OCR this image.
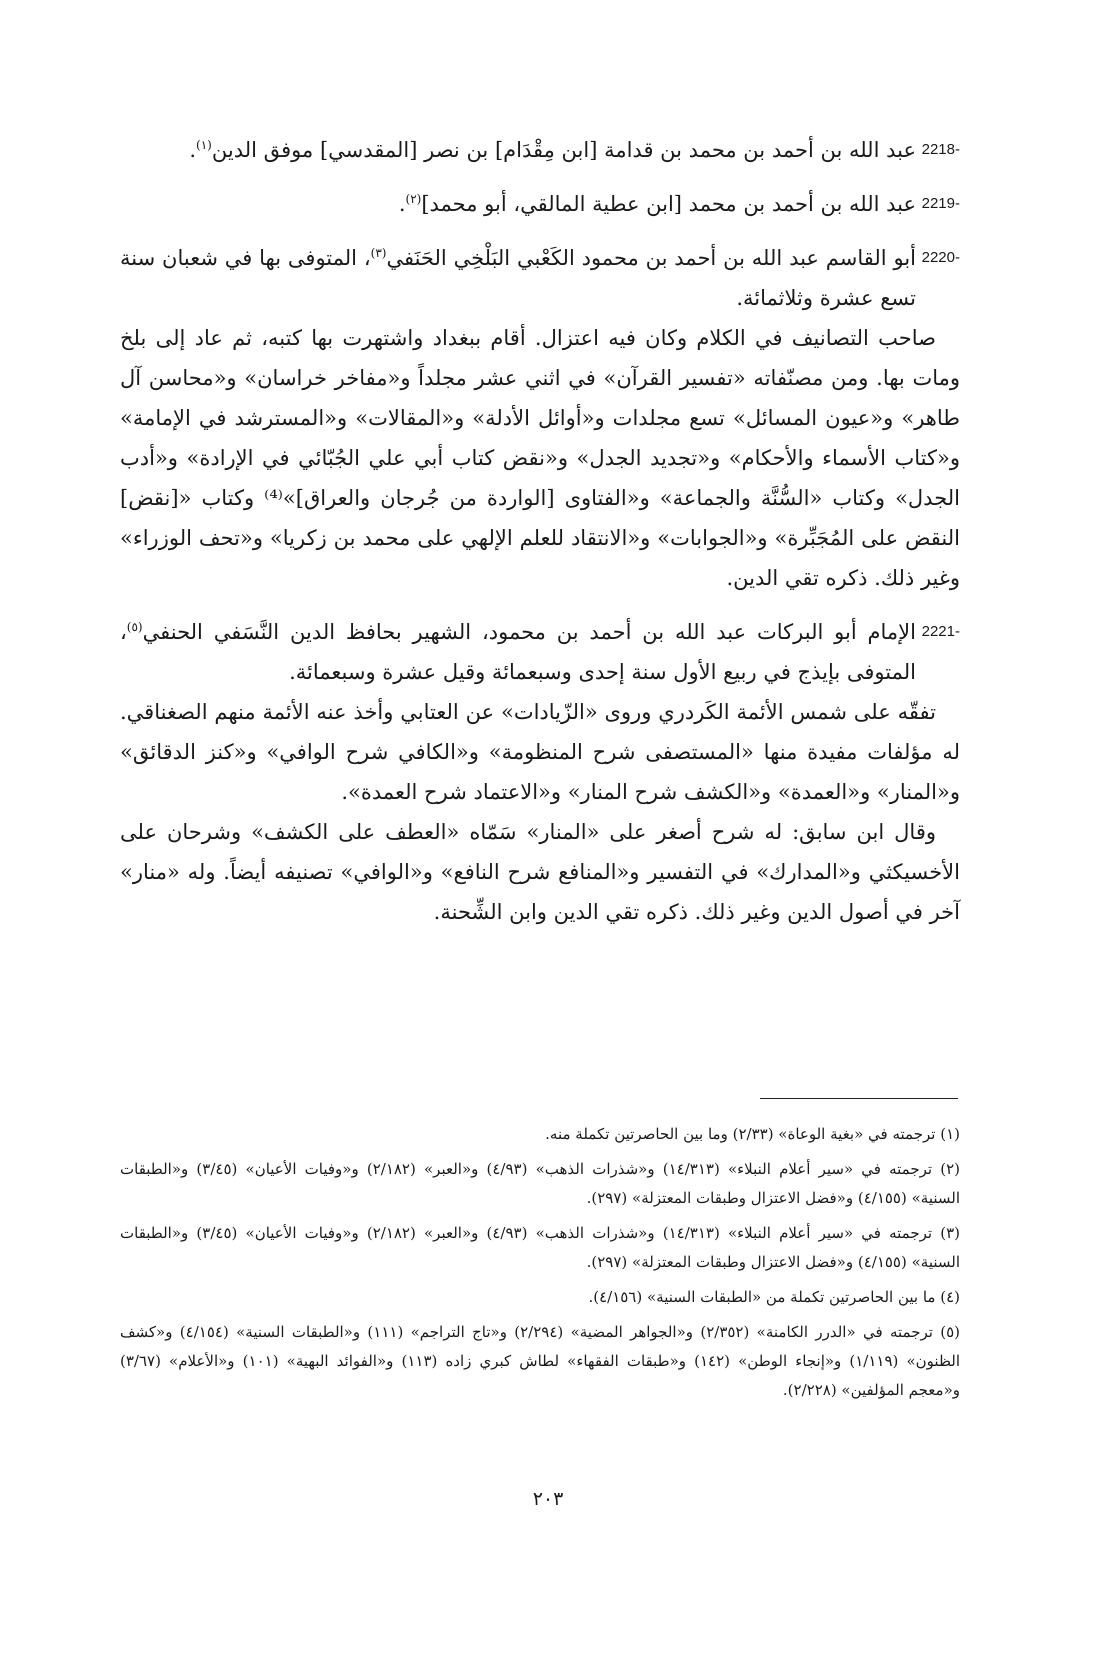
2218 -
عبد الله بن أحمد بن محمد بن قدامة [ابن مِقْدَام] بن نصر [المقدسي] موفق الدين$^{(١)}$.
2219 -
عبد الله بن أحمد بن محمد [ابن عطية المالقي، أبو محمد]$^{(٢)}$.
2220 -
أبو القاسم عبد الله بن أحمد بن محمود الكَعْبي البَلْخِي الحَنَفي$^{(٣)}$، المتوفى بها في شعبان سنة تسع عشرة وثلاثمائة.

صاحب التصانيف في الكلام وكان فيه اعتزال. أقام ببغداد واشتهرت بها كتبه، ثم عاد إلى بلخ ومات بها. ومن مصنّفاته «تفسير القرآن» في اثني عشر مجلداً و«مفاخر خراسان» و«محاسن آل طاهر» و«عيون المسائل» تسع مجلدات و«أوائل الأدلة» و«المقالات» و«المسترشد في الإمامة» و«كتاب الأسماء والأحكام» و«تجديد الجدل» و«نقض كتاب أبي علي الجُبّائي في الإرادة» و«أدب الجدل» وكتاب «السُّنَّة والجماعة» و«الفتاوى [الواردة من جُرجان والعراق]»⁽⁴⁾ وكتاب «[نقض] النقض على المُجَبِّرة» و«الجوابات» و«الانتقاد للعلم الإلهي على محمد بن زكريا» و«تحف الوزراء» وغير ذلك. ذكره تقي الدين.

2221 -
الإمام أبو البركات عبد الله بن أحمد بن محمود، الشهير بحافظ الدين النَّسَفي الحنفي$^{(٥)}$، المتوفى بإيذج في ربيع الأول سنة إحدى وسبعمائة وقيل عشرة وسبعمائة.

تفقّه على شمس الأئمة الكَردري وروى «الزّيادات» عن العتابي وأخذ عنه الأئمة منهم الصغناقي. له مؤلفات مفيدة منها «المستصفى شرح المنظومة» و«الكافي شرح الوافي» و«كنز الدقائق» و«المنار» و«العمدة» و«الكشف شرح المنار» و«الاعتماد شرح العمدة».

وقال ابن سابق: له شرح أصغر على «المنار» سَمّاه «العطف على الكشف» وشرحان على الأخسيكثي و«المدارك» في التفسير و«المنافع شرح النافع» و«الوافي» تصنيفه أيضاً. وله «منار» آخر في أصول الدين وغير ذلك. ذكره تقي الدين وابن الشِّحنة.

(١) ترجمته في «بغية الوعاة» (٢/٣٣) وما بين الحاصرتين تكملة منه.

(٢) ترجمته في «سير أعلام النبلاء» (١٤/٣١٣) و«شذرات الذهب» (٤/٩٣) و«العبر» (٢/١٨٢) و«وفيات الأعيان» (٣/٤٥) و«الطبقات السنية» (٤/١٥٥) و«فضل الاعتزال وطبقات المعتزلة» (٢٩٧).

(٣) ترجمته في «سير أعلام النبلاء» (١٤/٣١٣) و«شذرات الذهب» (٤/٩٣) و«العبر» (٢/١٨٢) و«وفيات الأعيان» (٣/٤٥) و«الطبقات السنية» (٤/١٥٥) و«فضل الاعتزال وطبقات المعتزلة» (٢٩٧).

(٤) ما بين الحاصرتين تكملة من «الطبقات السنية» (٤/١٥٦).

(٥) ترجمته في «الدرر الكامنة» (٢/٣٥٢) و«الجواهر المضية» (٢/٢٩٤) و«تاج التراجم» (١١١) و«الطبقات السنية» (٤/١٥٤) و«كشف الظنون» (١/١١٩) و«إنجاء الوطن» (١٤٢) و«طبقات الفقهاء» لطاش كبري زاده (١١٣) و«الفوائد البهية» (١٠١) و«الأعلام» (٣/٦٧) و«معجم المؤلفين» (٢/٢٢٨).

٢٠٣
